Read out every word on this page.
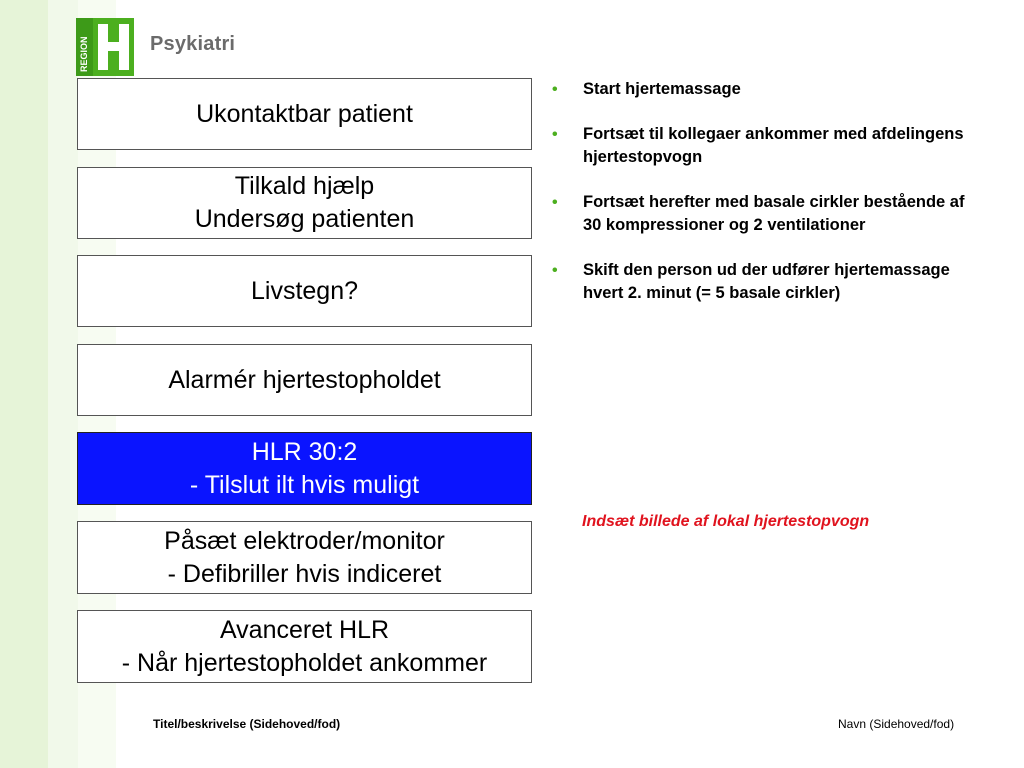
REGION	Psykiatri
Ukontaktbar patient
Tilkald hjælp
Undersøg patienten
Livstegn?
Alarmér hjertestopholdet
HLR 30:2
- Tilslut ilt hvis muligt
Påsæt elektroder/monitor
- Defibriller hvis indiceret
Avanceret HLR
- Når hjertestopholdet ankommer
• Start hjertemassage
• Fortsæt til kollegaer ankommer med afdelingens hjertestopvogn
• Fortsæt herefter med basale cirkler bestående af 30 kompressioner og 2 ventilationer
• Skift den person ud der udfører hjertemassage hvert 2. minut (= 5 basale cirkler)
Indsæt billede af lokal hjertestopvogn
Titel/beskrivelse (Sidehoved/fod)	Navn (Sidehoved/fod)
